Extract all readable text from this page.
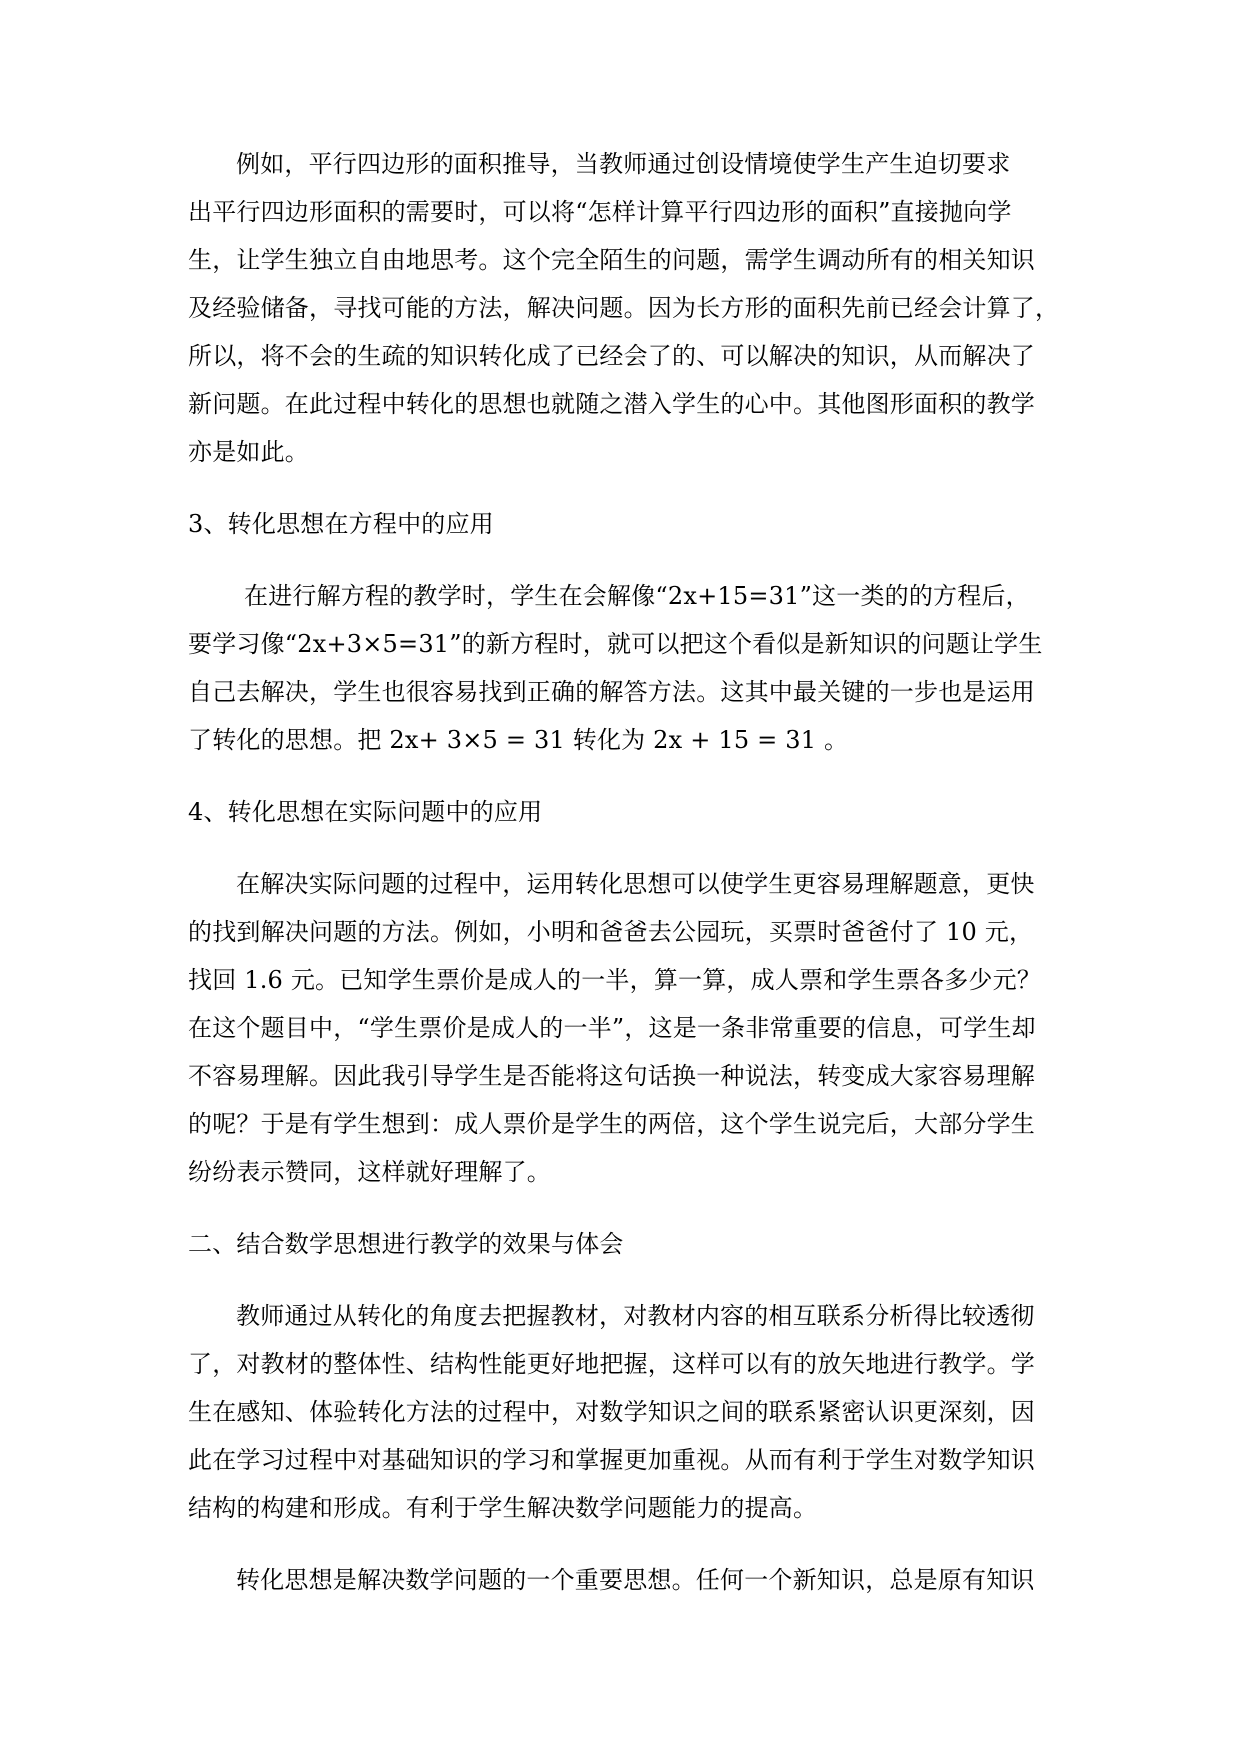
例如，平行四边形的面积推导，当教师通过创设情境使学生产生迫切要求

出平行四边形面积的需要时，可以将“怎样计算平行四边形的面积”直接抛向学

生，让学生独立自由地思考。这个完全陌生的问题，需学生调动所有的相关知识

及经验储备，寻找可能的方法，解决问题。因为长方形的面积先前已经会计算了，

所以，将不会的生疏的知识转化成了已经会了的、可以解决的知识，从而解决了

新问题。在此过程中转化的思想也就随之潜入学生的心中。其他图形面积的教学

亦是如此。

3、转化思想在方程中的应用

在进行解方程的教学时，学生在会解像“2x+15=31”这一类的的方程后，

要学习像“2x+3×5=31”的新方程时，就可以把这个看似是新知识的问题让学生

自己去解决，学生也很容易找到正确的解答方法。这其中最关键的一步也是运用

了转化的思想。把 2x+ 3×5 = 31 转化为 2x + 15 = 31 。

4、转化思想在实际问题中的应用

在解决实际问题的过程中，运用转化思想可以使学生更容易理解题意，更快

的找到解决问题的方法。例如，小明和爸爸去公园玩，买票时爸爸付了 10 元，

找回 1.6 元。已知学生票价是成人的一半，算一算，成人票和学生票各多少元？

在这个题目中，“学生票价是成人的一半”，这是一条非常重要的信息，可学生却

不容易理解。因此我引导学生是否能将这句话换一种说法，转变成大家容易理解

的呢？于是有学生想到：成人票价是学生的两倍，这个学生说完后，大部分学生

纷纷表示赞同，这样就好理解了。

二、结合数学思想进行教学的效果与体会

教师通过从转化的角度去把握教材，对教材内容的相互联系分析得比较透彻

了，对教材的整体性、结构性能更好地把握，这样可以有的放矢地进行教学。学

生在感知、体验转化方法的过程中，对数学知识之间的联系紧密认识更深刻，因

此在学习过程中对基础知识的学习和掌握更加重视。从而有利于学生对数学知识

结构的构建和形成。有利于学生解决数学问题能力的提高。

转化思想是解决数学问题的一个重要思想。任何一个新知识，总是原有知识
